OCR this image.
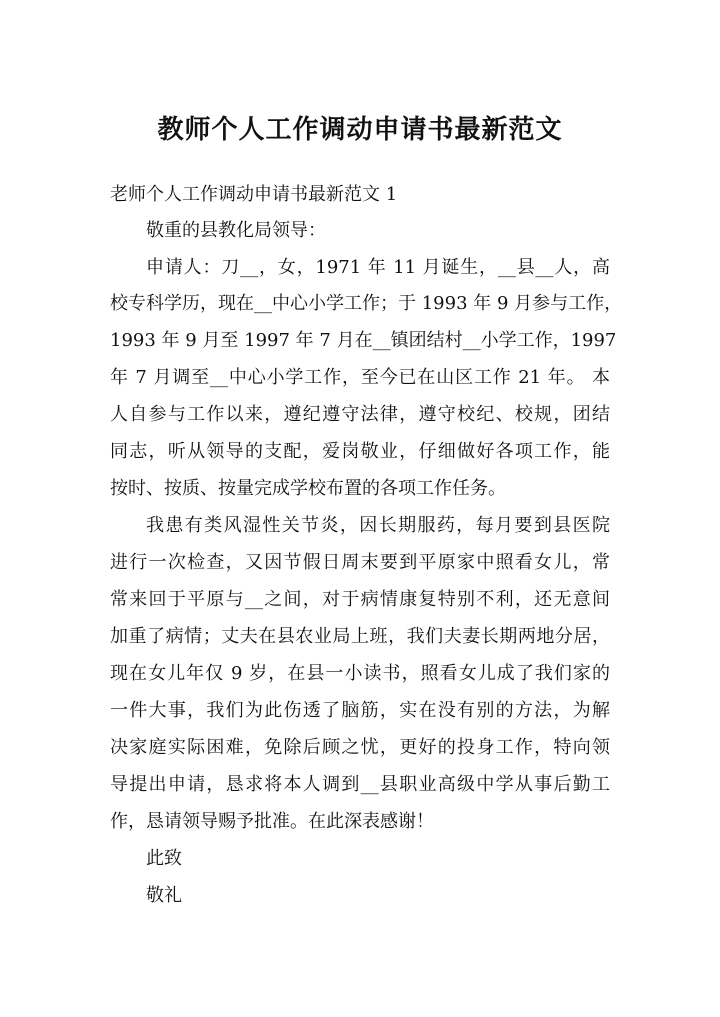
教师个人工作调动申请书最新范文
老师个人工作调动申请书最新范文 1
敬重的县教化局领导：
申请人：刀__，女，1971 年 11 月诞生，__县__人，高
校专科学历，现在__中心小学工作；于 1993 年 9 月参与工作，
1993 年 9 月至 1997 年 7 月在__镇团结村__小学工作，1997
年 7 月调至__中心小学工作，至今已在山区工作 21 年。 本
人自参与工作以来，遵纪遵守法律，遵守校纪、校规，团结
同志，听从领导的支配，爱岗敬业，仔细做好各项工作，能
按时、按质、按量完成学校布置的各项工作任务。
我患有类风湿性关节炎，因长期服药，每月要到县医院
进行一次检查，又因节假日周末要到平原家中照看女儿，常
常来回于平原与__之间，对于病情康复特别不利，还无意间
加重了病情；丈夫在县农业局上班，我们夫妻长期两地分居，
现在女儿年仅 9 岁，在县一小读书，照看女儿成了我们家的
一件大事，我们为此伤透了脑筋，实在没有别的方法，为解
决家庭实际困难，免除后顾之忧，更好的投身工作，特向领
导提出申请，恳求将本人调到__县职业高级中学从事后勤工
作，恳请领导赐予批准。在此深表感谢！
此致
敬礼
